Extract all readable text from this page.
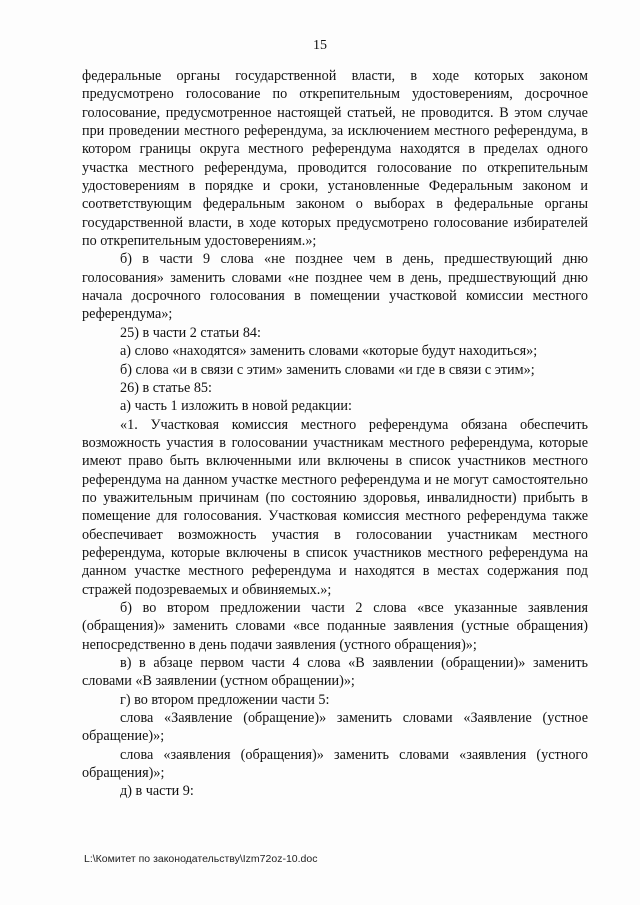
15

федеральные органы государственной власти, в ходе которых законом предусмотрено голосование по открепительным удостоверениям, досрочное голосование, предусмотренное настоящей статьей, не проводится. В этом случае при проведении местного референдума, за исключением местного референдума, в котором границы округа местного референдума находятся в пределах одного участка местного референдума, проводится голосование по открепительным удостоверениям в порядке и сроки, установленные Федеральным законом и соответствующим федеральным законом о выборах в федеральные органы государственной власти, в ходе которых предусмотрено голосование избирателей по открепительным удостоверениям.»;

б) в части 9 слова «не позднее чем в день, предшествующий дню голосования» заменить словами «не позднее чем в день, предшествующий дню начала досрочного голосования в помещении участковой комиссии местного референдума»;

25) в части 2 статьи 84:

а) слово «находятся» заменить словами «которые будут находиться»;

б) слова «и в связи с этим» заменить словами «и где в связи с этим»;

26) в статье 85:

а) часть 1 изложить в новой редакции:

«1. Участковая комиссия местного референдума обязана обеспечить возможность участия в голосовании участникам местного референдума, которые имеют право быть включенными или включены в список участников местного референдума на данном участке местного референдума и не могут самостоятельно по уважительным причинам (по состоянию здоровья, инвалидности) прибыть в помещение для голосования. Участковая комиссия местного референдума также обеспечивает возможность участия в голосовании участникам местного референдума, которые включены в список участников местного референдума на данном участке местного референдума и находятся в местах содержания под стражей подозреваемых и обвиняемых.»;

б) во втором предложении части 2 слова «все указанные заявления (обращения)» заменить словами «все поданные заявления (устные обращения) непосредственно в день подачи заявления (устного обращения)»;

в) в абзаце первом части 4 слова «В заявлении (обращении)» заменить словами «В заявлении (устном обращении)»;

г) во втором предложении части 5:

слова «Заявление (обращение)» заменить словами «Заявление (устное обращение)»;

слова «заявления (обращения)» заменить словами «заявления (устного обращения)»;

д) в части 9:

L:\Комитет по законодательству\Izm72oz-10.doc
